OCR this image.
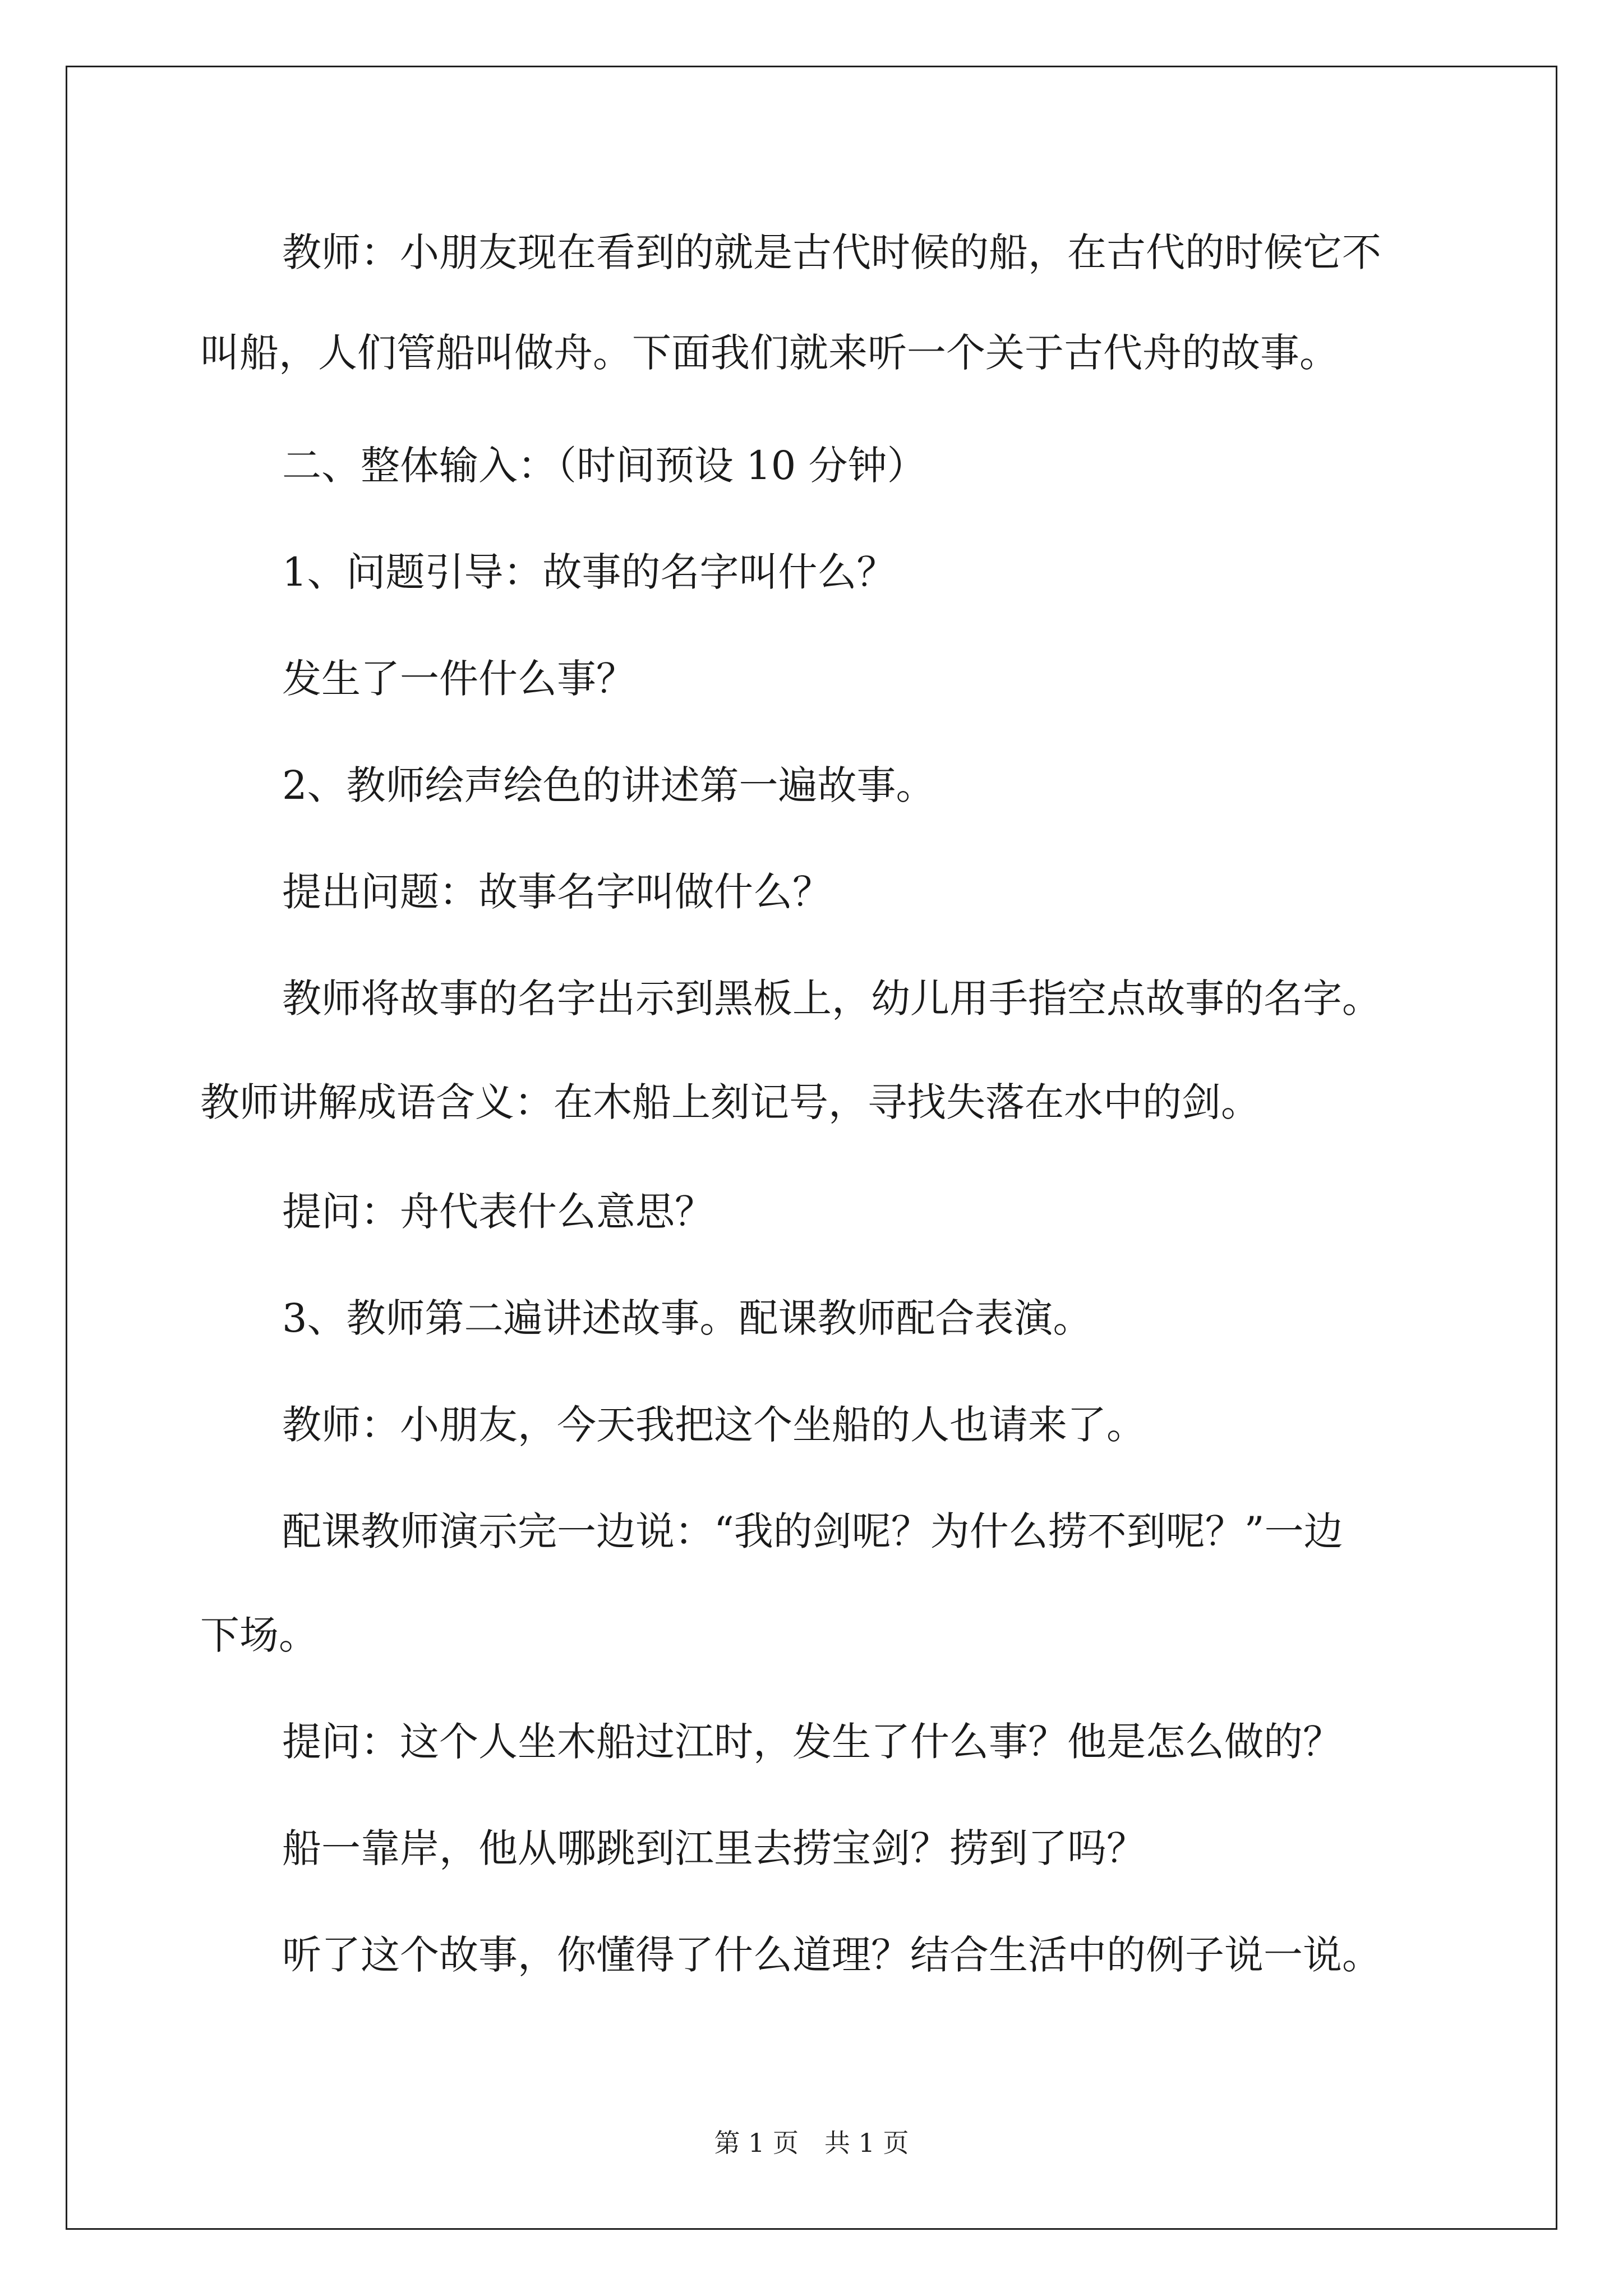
教师：小朋友现在看到的就是古代时候的船，在古代的时候它不
叫船，人们管船叫做舟。下面我们就来听一个关于古代舟的故事。
二、整体输入：（时间预设 10 分钟）
1、问题引导：故事的名字叫什么？
发生了一件什么事？
2、教师绘声绘色的讲述第一遍故事。
提出问题：故事名字叫做什么？
教师将故事的名字出示到黑板上，幼儿用手指空点故事的名字。
教师讲解成语含义：在木船上刻记号，寻找失落在水中的剑。
提问：舟代表什么意思？
3、教师第二遍讲述故事。配课教师配合表演。
教师：小朋友，今天我把这个坐船的人也请来了。
配课教师演示完一边说：“我的剑呢？为什么捞不到呢？”一边
下场。
提问：这个人坐木船过江时，发生了什么事？他是怎么做的？
船一靠岸，他从哪跳到江里去捞宝剑？捞到了吗？
听了这个故事，你懂得了什么道理？结合生活中的例子说一说。
第 1 页　共 1 页
